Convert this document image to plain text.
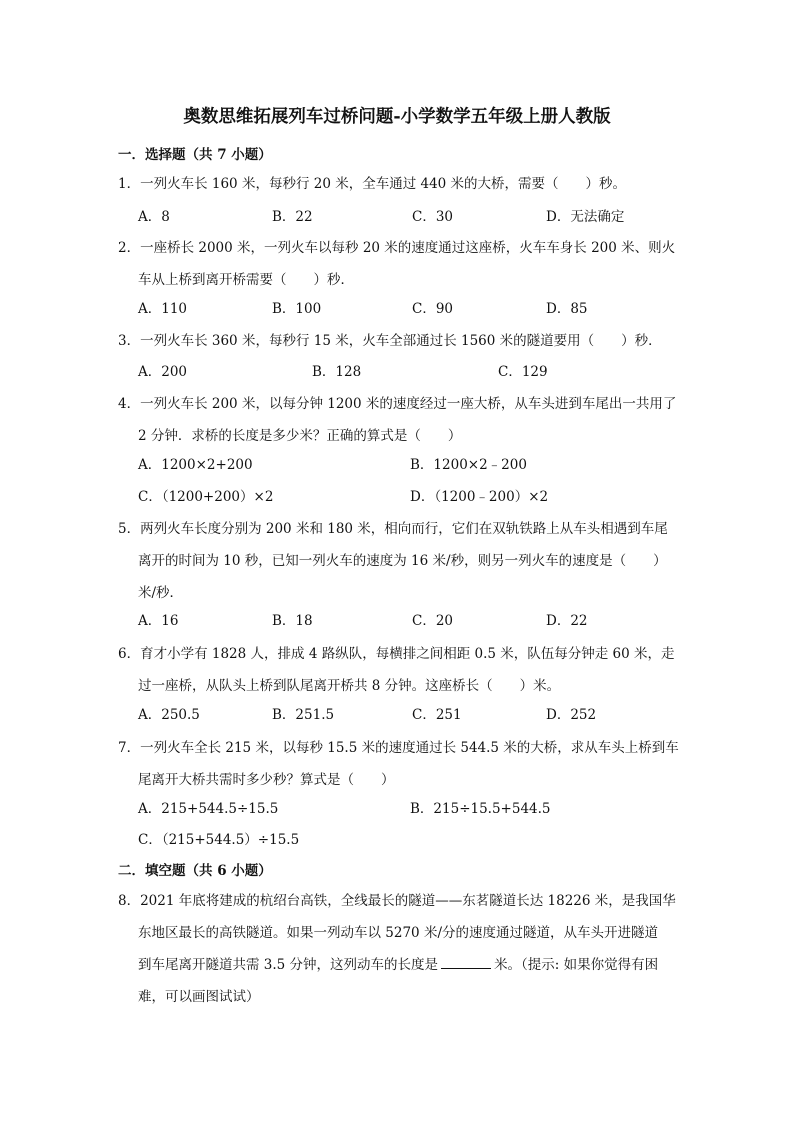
奥数思维拓展列车过桥问题-小学数学五年级上册人教版
一．选择题（共 7 小题）
1．一列火车长 160 米，每秒行 20 米，全车通过 440 米的大桥，需要（　　）秒。
A．8	B．22	C．30	D．无法确定
2．一座桥长 2000 米，一列火车以每秒 20 米的速度通过这座桥，火车车身长 200 米、则火
车从上桥到离开桥需要（　　）秒．
A．110	B．100	C．90	D．85
3．一列火车长 360 米，每秒行 15 米，火车全部通过长 1560 米的隧道要用（　　）秒．
A．200	B．128	C．129
4．一列火车长 200 米，以每分钟 1200 米的速度经过一座大桥，从车头进到车尾出一共用了
2 分钟．求桥的长度是多少米？正确的算式是（　　）
A．1200×2+200	B．1200×2﹣200
C．（1200+200）×2	D．（1200﹣200）×2
5．两列火车长度分别为 200 米和 180 米，相向而行，它们在双轨铁路上从车头相遇到车尾
离开的时间为 10 秒，已知一列火车的速度为 16 米/秒，则另一列火车的速度是（　　）
米/秒．
A．16	B．18	C．20	D．22
6．育才小学有 1828 人，排成 4 路纵队，每横排之间相距 0.5 米，队伍每分钟走 60 米，走
过一座桥，从队头上桥到队尾离开桥共 8 分钟。这座桥长（　　）米。
A．250.5	B．251.5	C．251	D．252
7．一列火车全长 215 米，以每秒 15.5 米的速度通过长 544.5 米的大桥，求从车头上桥到车
尾离开大桥共需时多少秒？算式是（　　）
A．215+544.5÷15.5	B．215÷15.5+544.5
C．（215+544.5）÷15.5
二．填空题（共 6 小题）
8．2021 年底将建成的杭绍台高铁，全线最长的隧道——东茗隧道长达 18226 米，是我国华
东地区最长的高铁隧道。如果一列动车以 5270 米/分的速度通过隧道，从车头开进隧道
到车尾离开隧道共需 3.5 分钟，这列动车的长度是	米。（提示: 如果你觉得有困
难，可以画图试试）
